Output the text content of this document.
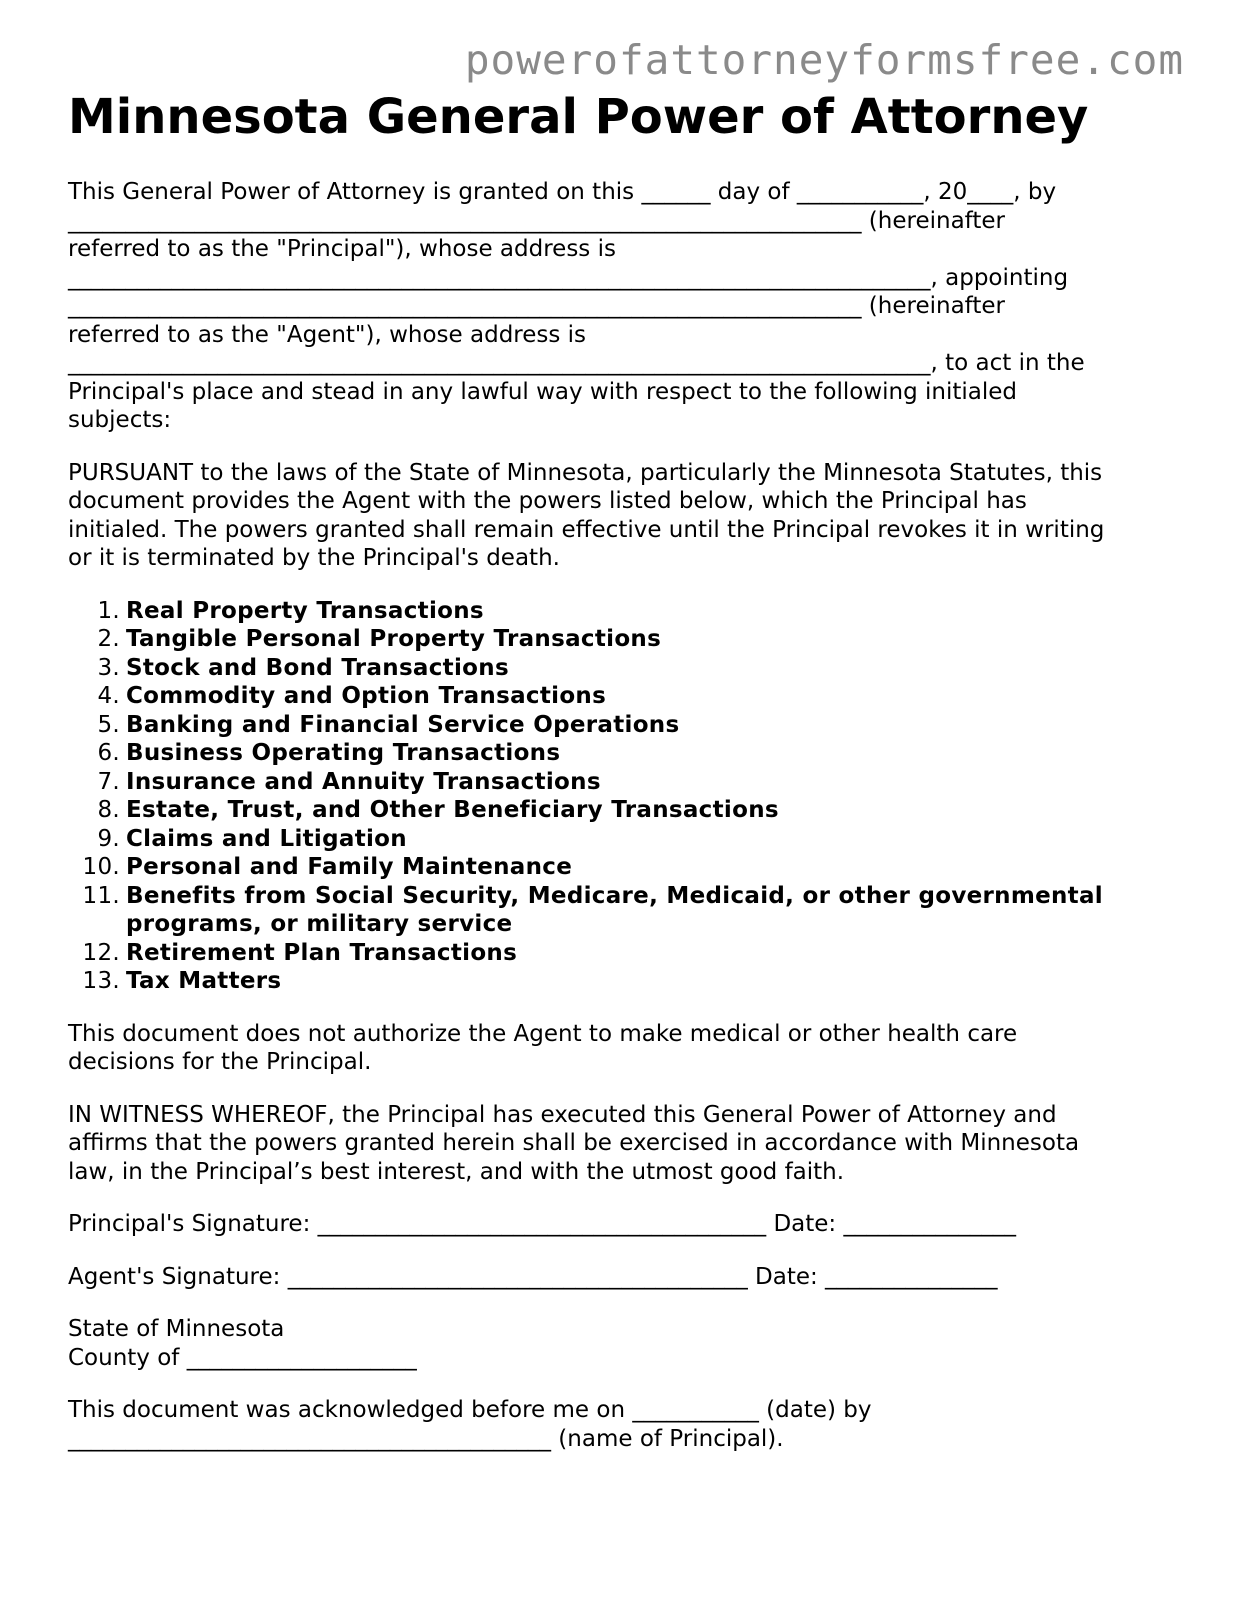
powerofattorneyformsfree.com
Minnesota General Power of Attorney

This General Power of Attorney is granted on this ______ day of ___________, 20____, by
_____________________________________________________________________ (hereinafter
referred to as the "Principal"), whose address is
___________________________________________________________________________, appointing
_____________________________________________________________________ (hereinafter
referred to as the "Agent"), whose address is
___________________________________________________________________________, to act in the
Principal's place and stead in any lawful way with respect to the following initialed
subjects:

PURSUANT to the laws of the State of Minnesota, particularly the Minnesota Statutes, this
document provides the Agent with the powers listed below, which the Principal has
initialed. The powers granted shall remain effective until the Principal revokes it in writing
or it is terminated by the Principal's death.

1. Real Property Transactions
2. Tangible Personal Property Transactions
3. Stock and Bond Transactions
4. Commodity and Option Transactions
5. Banking and Financial Service Operations
6. Business Operating Transactions
7. Insurance and Annuity Transactions
8. Estate, Trust, and Other Beneficiary Transactions
9. Claims and Litigation
10. Personal and Family Maintenance
11. Benefits from Social Security, Medicare, Medicaid, or other governmental programs, or military service
12. Retirement Plan Transactions
13. Tax Matters

This document does not authorize the Agent to make medical or other health care
decisions for the Principal.

IN WITNESS WHEREOF, the Principal has executed this General Power of Attorney and
affirms that the powers granted herein shall be exercised in accordance with Minnesota
law, in the Principal’s best interest, and with the utmost good faith.

Principal's Signature: _______________________________________ Date: _______________

Agent's Signature: ________________________________________ Date: _______________

State of Minnesota
County of ____________________

This document was acknowledged before me on ___________ (date) by
__________________________________________ (name of Principal).
